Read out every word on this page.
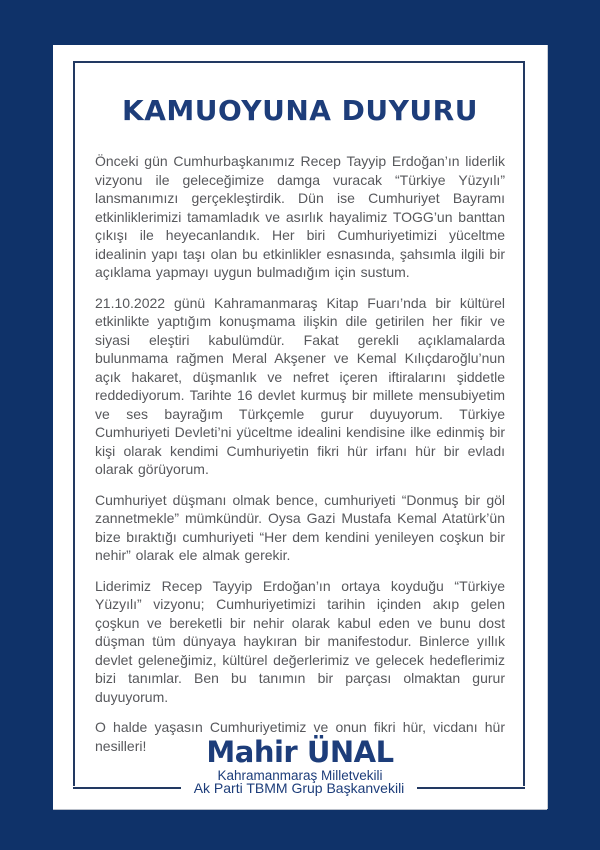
KAMUOYUNA DUYURU

Önceki gün Cumhurbaşkanımız Recep Tayyip Erdoğan’ın liderlik vizyonu ile geleceğimize damga vuracak “Türkiye Yüzyılı” lansmanımızı gerçekleştirdik. Dün ise Cumhuriyet Bayramı etkinliklerimizi tamamladık ve asırlık hayalimiz TOGG’un banttan çıkışı ile heyecanlandık. Her biri Cumhuriyetimizi yüceltme idealinin yapı taşı olan bu etkinlikler esnasında, şahsımla ilgili bir açıklama yapmayı uygun bulmadığım için sustum.

21.10.2022 günü Kahramanmaraş Kitap Fuarı’nda bir kültürel etkinlikte yaptığım konuşmama ilişkin dile getirilen her fikir ve siyasi eleştiri kabulümdür. Fakat gerekli açıklamalarda bulunmama rağmen Meral Akşener ve Kemal Kılıçdaroğlu’nun açık hakaret, düşmanlık ve nefret içeren iftiralarını şiddetle reddediyorum. Tarihte 16 devlet kurmuş bir millete mensubiyetim ve ses bayrağım Türkçemle gurur duyuyorum. Türkiye Cumhuriyeti Devleti’ni yüceltme idealini kendisine ilke edinmiş bir kişi olarak kendimi Cumhuriyetin fikri hür irfanı hür bir evladı olarak görüyorum.

Cumhuriyet düşmanı olmak bence, cumhuriyeti “Donmuş bir göl zannetmekle” mümkündür. Oysa Gazi Mustafa Kemal Atatürk’ün bize bıraktığı cumhuriyeti “Her dem kendini yenileyen coşkun bir nehir” olarak ele almak gerekir.

Liderimiz Recep Tayyip Erdoğan’ın ortaya koyduğu “Türkiye Yüzyılı” vizyonu; Cumhuriyetimizi tarihin içinden akıp gelen çoşkun ve bereketli bir nehir olarak kabul eden ve bunu dost düşman tüm dünyaya haykıran bir manifestodur. Binlerce yıllık devlet geleneğimiz, kültürel değerlerimiz ve gelecek hedeflerimiz bizi tanımlar. Ben bu tanımın bir parçası olmaktan gurur duyuyorum.

O halde yaşasın Cumhuriyetimiz ve onun fikri hür, vicdanı hür nesilleri!	Mahir ÜNAL
Kahramanmaraş Milletvekili
Ak Parti TBMM Grup Başkanvekili
